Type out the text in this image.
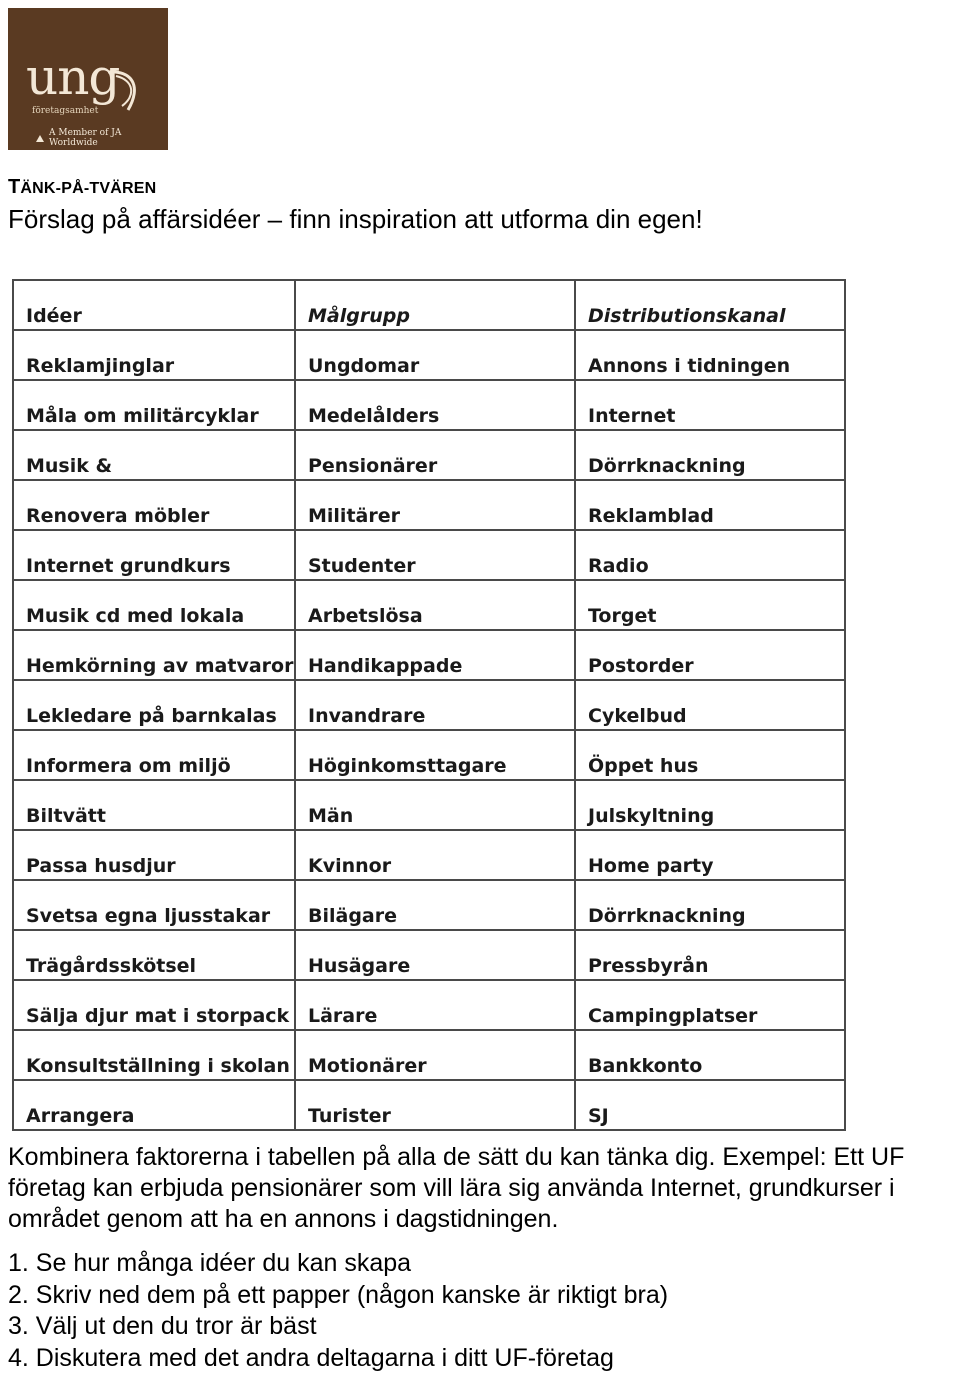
ung
företagsamhet
A Member of JA Worldwide
TÄNK-PÅ-TVÄREN
Förslag på affärsidéer – finn inspiration att utforma din egen!
Idéer	Målgrupp	Distributionskanal
Reklamjinglar	Ungdomar	Annons i tidningen
Måla om militärcyklar	Medelålders	Internet
Musik &	Pensionärer	Dörrknackning
Renovera möbler	Militärer	Reklamblad
Internet grundkurs	Studenter	Radio
Musik cd med lokala	Arbetslösa	Torget
Hemkörning av matvaror	Handikappade	Postorder
Lekledare på barnkalas	Invandrare	Cykelbud
Informera om miljö	Höginkomsttagare	Öppet hus
Biltvätt	Män	Julskyltning
Passa husdjur	Kvinnor	Home party
Svetsa egna ljusstakar	Bilägare	Dörrknackning
Trägårdsskötsel	Husägare	Pressbyrån
Sälja djur mat i storpack	Lärare	Campingplatser
Konsultställning i skolan	Motionärer	Bankkonto
Arrangera	Turister	SJ
Kombinera faktorerna i tabellen på alla de sätt du kan tänka dig. Exempel: Ett UF företag kan erbjuda pensionärer som vill lära sig använda Internet, grundkurser i området genom att ha en annons i dagstidningen.
1. Se hur många idéer du kan skapa
2. Skriv ned dem på ett papper (någon kanske är riktigt bra)
3. Välj ut den du tror är bäst
4. Diskutera med det andra deltagarna i ditt UF-företag
